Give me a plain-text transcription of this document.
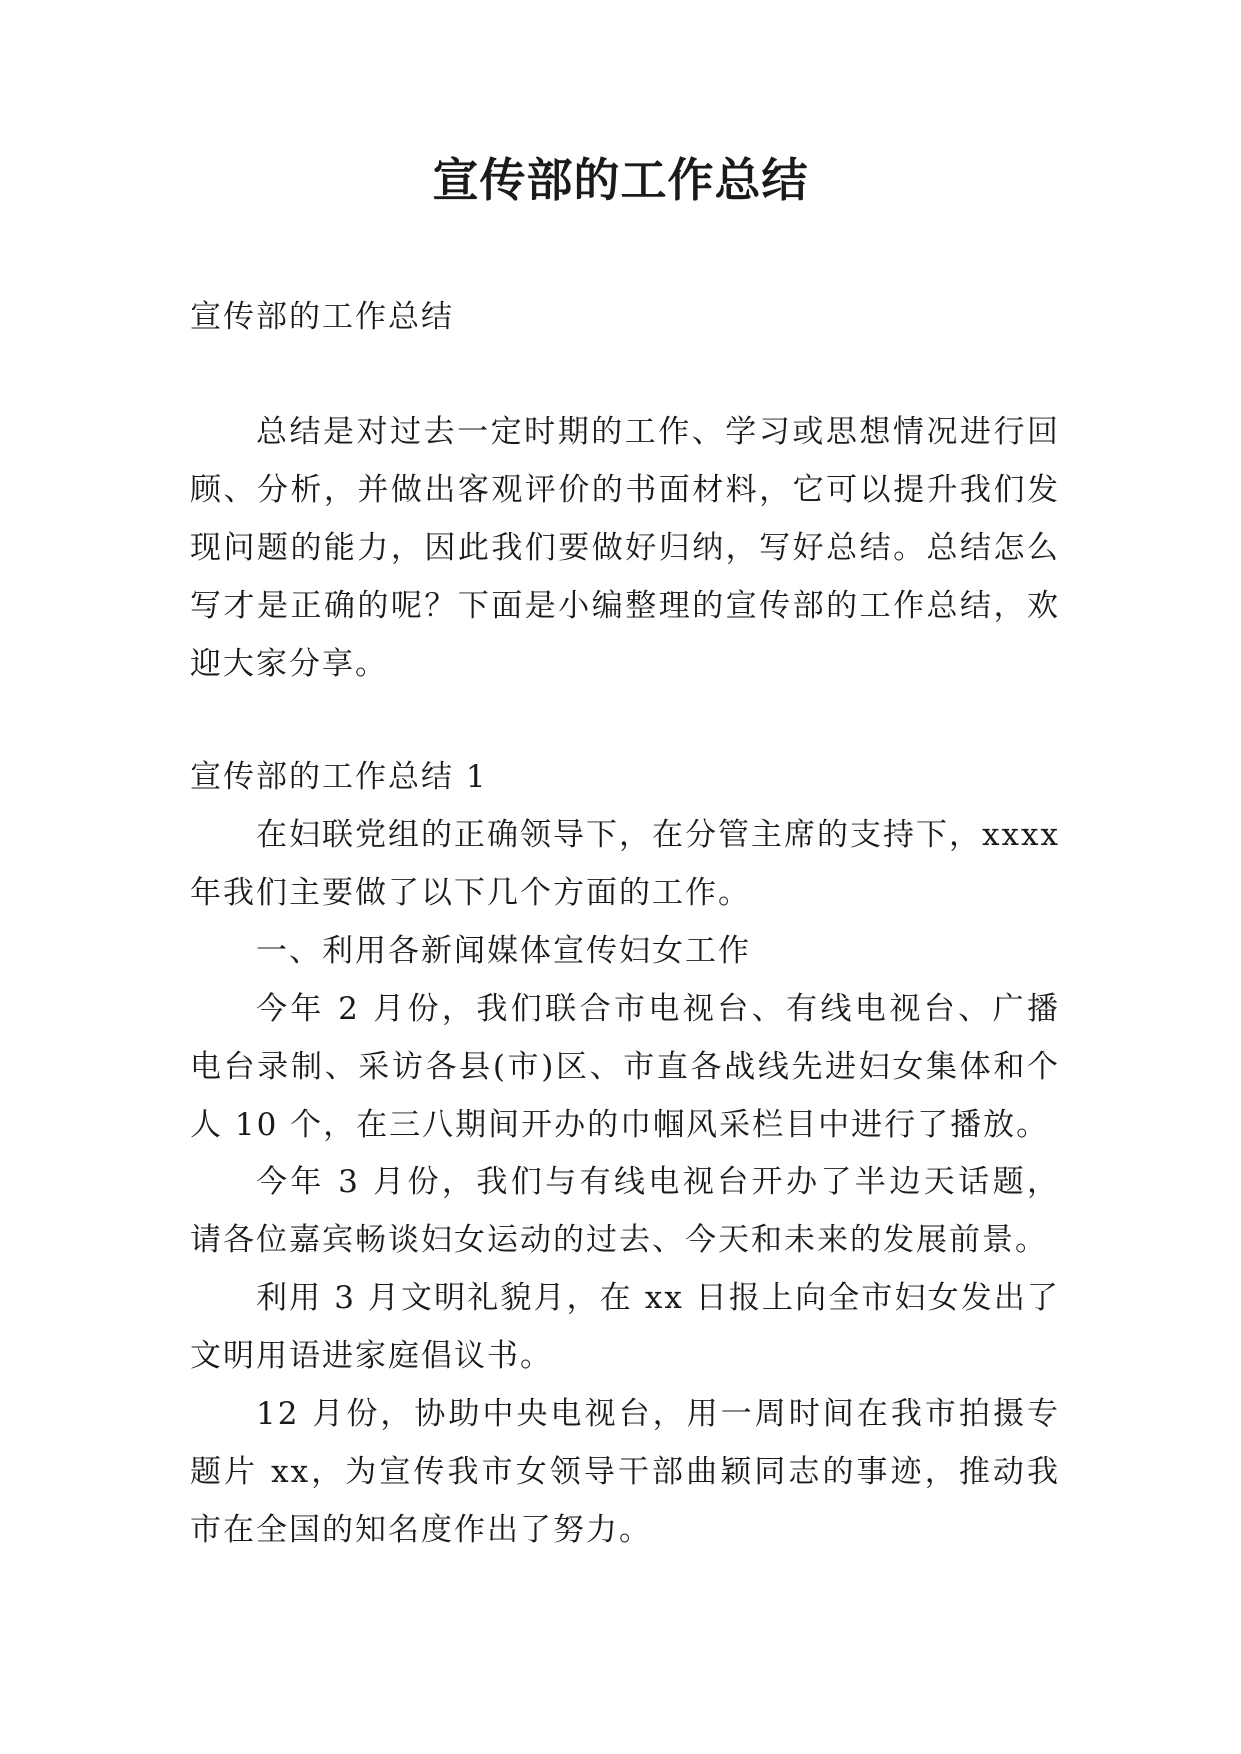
宣传部的工作总结

宣传部的工作总结

总结是对过去一定时期的工作、学习或思想情况进行回顾、分析，并做出客观评价的书面材料，它可以提升我们发现问题的能力，因此我们要做好归纳，写好总结。总结怎么写才是正确的呢？下面是小编整理的宣传部的工作总结，欢迎大家分享。

宣传部的工作总结 1

在妇联党组的正确领导下，在分管主席的支持下，xxxx 年我们主要做了以下几个方面的工作。

一、利用各新闻媒体宣传妇女工作

今年 2 月份，我们联合市电视台、有线电视台、广播电台录制、采访各县(市)区、市直各战线先进妇女集体和个人 10 个，在三八期间开办的巾帼风采栏目中进行了播放。

今年 3 月份，我们与有线电视台开办了半边天话题，请各位嘉宾畅谈妇女运动的过去、今天和未来的发展前景。

利用 3 月文明礼貌月，在 xx 日报上向全市妇女发出了文明用语进家庭倡议书。

12 月份，协助中央电视台，用一周时间在我市拍摄专题片 xx，为宣传我市女领导干部曲颖同志的事迹，推动我市在全国的知名度作出了努力。
